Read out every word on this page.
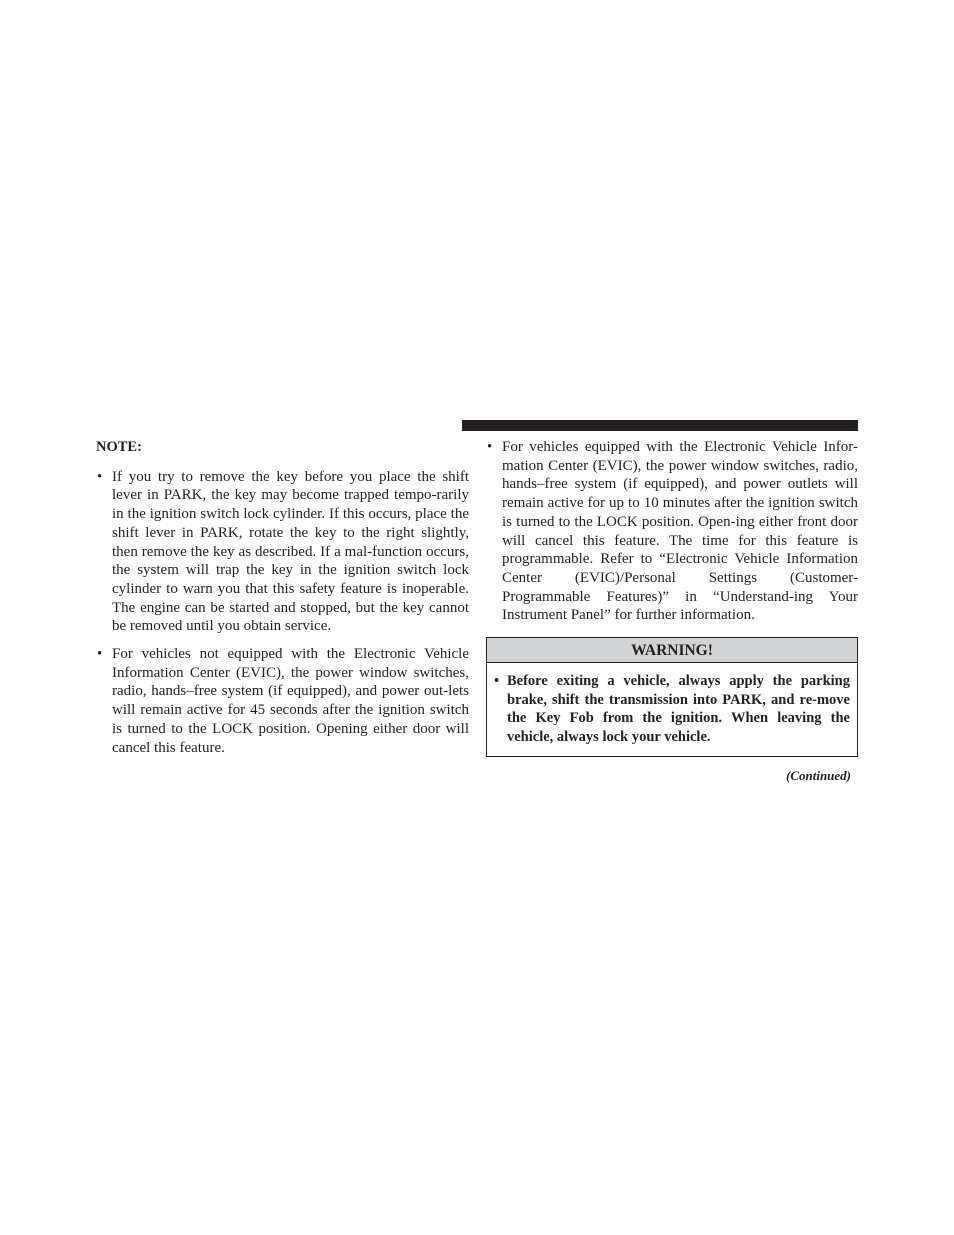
NOTE:
• If you try to remove the key before you place the shift lever in PARK, the key may become trapped tempo-rarily in the ignition switch lock cylinder. If this occurs, place the shift lever in PARK, rotate the key to the right slightly, then remove the key as described. If a mal-function occurs, the system will trap the key in the ignition switch lock cylinder to warn you that this safety feature is inoperable. The engine can be started and stopped, but the key cannot be removed until you obtain service.
• For vehicles not equipped with the Electronic Vehicle Information Center (EVIC), the power window switches, radio, hands–free system (if equipped), and power out-lets will remain active for 45 seconds after the ignition switch is turned to the LOCK position. Opening either door will cancel this feature.
• For vehicles equipped with the Electronic Vehicle Infor-mation Center (EVIC), the power window switches, radio, hands–free system (if equipped), and power outlets will remain active for up to 10 minutes after the ignition switch is turned to the LOCK position. Open-ing either front door will cancel this feature. The time for this feature is programmable. Refer to “Electronic Vehicle Information Center (EVIC)/Personal Settings (Customer-Programmable Features)” in “Understand-ing Your Instrument Panel” for further information.
WARNING!
• Before exiting a vehicle, always apply the parking brake, shift the transmission into PARK, and re-move the Key Fob from the ignition. When leaving the vehicle, always lock your vehicle.
(Continued)
